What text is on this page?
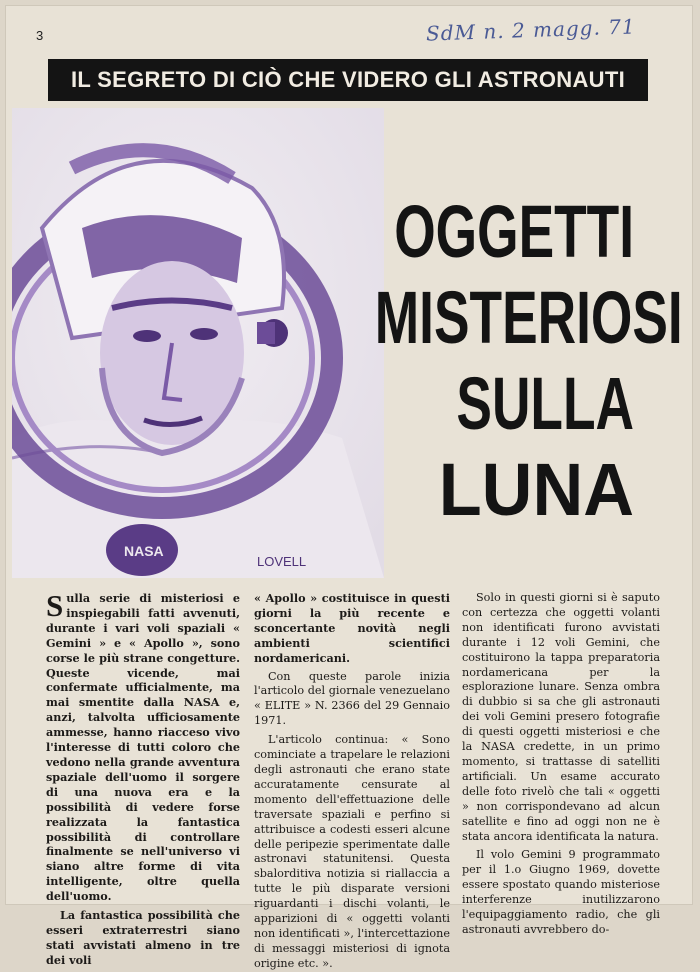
3	SdM n. 2 magg. 71
IL SEGRETO DI CIÒ CHE VIDERO GLI ASTRONAUTI
NASA
LOVELL
OGGETTI
MISTERIOSI
SULLA
LUNA

Sulla serie di misteriosi e inspiegabili fatti avvenuti, durante i vari voli spaziali « Gemini » e « Apollo », sono corse le più strane congetture. Queste vicende, mai confermate ufficialmente, ma mai smentite dalla NASA e, anzi, talvolta ufficiosamente ammesse, hanno riacceso vivo l'interesse di tutti coloro che vedono nella grande avventura spaziale dell'uomo il sorgere di una nuova era e la possibilità di vedere forse realizzata la fantastica possibilità di controllare finalmente se nell'universo vi siano altre forme di vita intelligente, oltre quella dell'uomo.

La fantastica possibilità che esseri extraterrestri siano stati avvistati almeno in tre dei voli

« Apollo » costituisce in questi giorni la più recente e sconcertante novità negli ambienti scientifici nordamericani.

Con queste parole inizia l'articolo del giornale venezuelano « ELITE » N. 2366 del 29 Gennaio 1971.

L'articolo continua: « Sono cominciate a trapelare le relazioni degli astronauti che erano state accuratamente censurate al momento dell'effettuazione delle traversate spaziali e perfino si attribuisce a codesti esseri alcune delle peripezie sperimentate dalle astronavi statunitensi. Questa sbalorditiva notizia si riallaccia a tutte le più disparate versioni riguardanti i dischi volanti, le apparizioni di « oggetti volanti non identificati », l'intercettazione di messaggi misteriosi di ignota origine etc. ».

Solo in questi giorni si è saputo con certezza che oggetti volanti non identificati furono avvistati durante i 12 voli Gemini, che costituirono la tappa preparatoria nordamericana per la esplorazione lunare. Senza ombra di dubbio si sa che gli astronauti dei voli Gemini presero fotografie di questi oggetti misteriosi e che la NASA credette, in un primo momento, si trattasse di satelliti artificiali. Un esame accurato delle foto rivelò che tali « oggetti » non corrispondevano ad alcun satellite e fino ad oggi non ne è stata ancora identificata la natura.

Il volo Gemini 9 programmato per il 1.o Giugno 1969, dovette essere spostato quando misteriose interferenze inutilizzarono l'equipaggiamento radio, che gli astronauti avvrebbero do-
